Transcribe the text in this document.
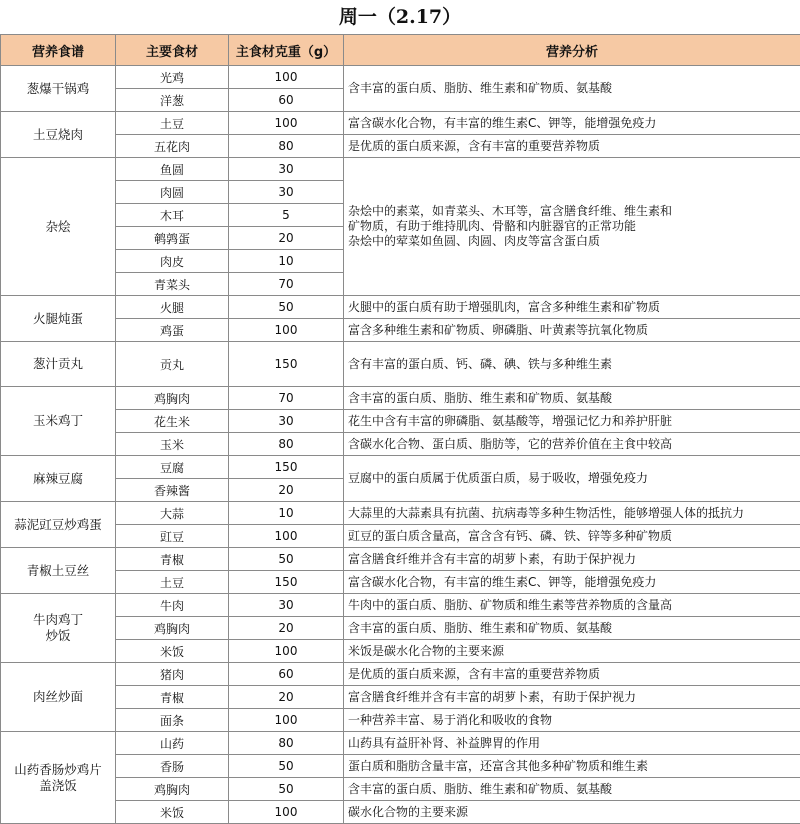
周一（2.17）
营养食谱	主要食材	主食材克重（g）	营养分析
葱爆干锅鸡	光鸡	100	含丰富的蛋白质、脂肪、维生素和矿物质、氨基酸

	洋葱	60	
土豆烧肉	土豆	100	富含碳水化合物，有丰富的维生素C、钾等，能增强免疫力
	五花肉	80	是优质的蛋白质来源，含有丰富的重要营养物质
杂烩	鱼圆	30	杂烩中的素菜，如青菜头、木耳等，富含膳食纤维、维生素和
矿物质，有助于维持肌肉、骨骼和内脏器官的正常功能
杂烩中的荤菜如鱼圆、肉圆、肉皮等富含蛋白质

	肉圆	30	
	木耳	5	
	鹌鹑蛋	20	
	肉皮	10	
	青菜头	70	
火腿炖蛋	火腿	50	火腿中的蛋白质有助于增强肌肉，富含多种维生素和矿物质
	鸡蛋	100	富含多种维生素和矿物质、卵磷脂、叶黄素等抗氧化物质
葱汁贡丸	贡丸	150	含有丰富的蛋白质、钙、磷、碘、铁与多种维生素
玉米鸡丁	鸡胸肉	70	含丰富的蛋白质、脂肪、维生素和矿物质、氨基酸
	花生米	30	花生中含有丰富的卵磷脂、氨基酸等，增强记忆力和养护肝脏
	玉米	80	含碳水化合物、蛋白质、脂肪等，它的营养价值在主食中较高
麻辣豆腐	豆腐	150	豆腐中的蛋白质属于优质蛋白质，易于吸收，增强免疫力

	香辣酱	20	
蒜泥豇豆炒鸡蛋	大蒜	10	大蒜里的大蒜素具有抗菌、抗病毒等多种生物活性，能够增强人体的抵抗力
	豇豆	100	豇豆的蛋白质含量高，富含含有钙、磷、铁、锌等多种矿物质
青椒土豆丝	青椒	50	富含膳食纤维并含有丰富的胡萝卜素，有助于保护视力
	土豆	150	富含碳水化合物，有丰富的维生素C、钾等，能增强免疫力

牛肉鸡丁
炒饭	牛肉	30	牛肉中的蛋白质、脂肪、矿物质和维生素等营养物质的含量高
	鸡胸肉	20	含丰富的蛋白质、脂肪、维生素和矿物质、氨基酸
	米饭	100	米饭是碳水化合物的主要来源
肉丝炒面	猪肉	60	是优质的蛋白质来源，含有丰富的重要营养物质
	青椒	20	富含膳食纤维并含有丰富的胡萝卜素，有助于保护视力
	面条	100	一种营养丰富、易于消化和吸收的食物

山药香肠炒鸡片
盖浇饭	山药	80	山药具有益肝补肾、补益脾胃的作用
	香肠	50	蛋白质和脂肪含量丰富，还富含其他多种矿物质和维生素
	鸡胸肉	50	含丰富的蛋白质、脂肪、维生素和矿物质、氨基酸
	米饭	100	碳水化合物的主要来源
